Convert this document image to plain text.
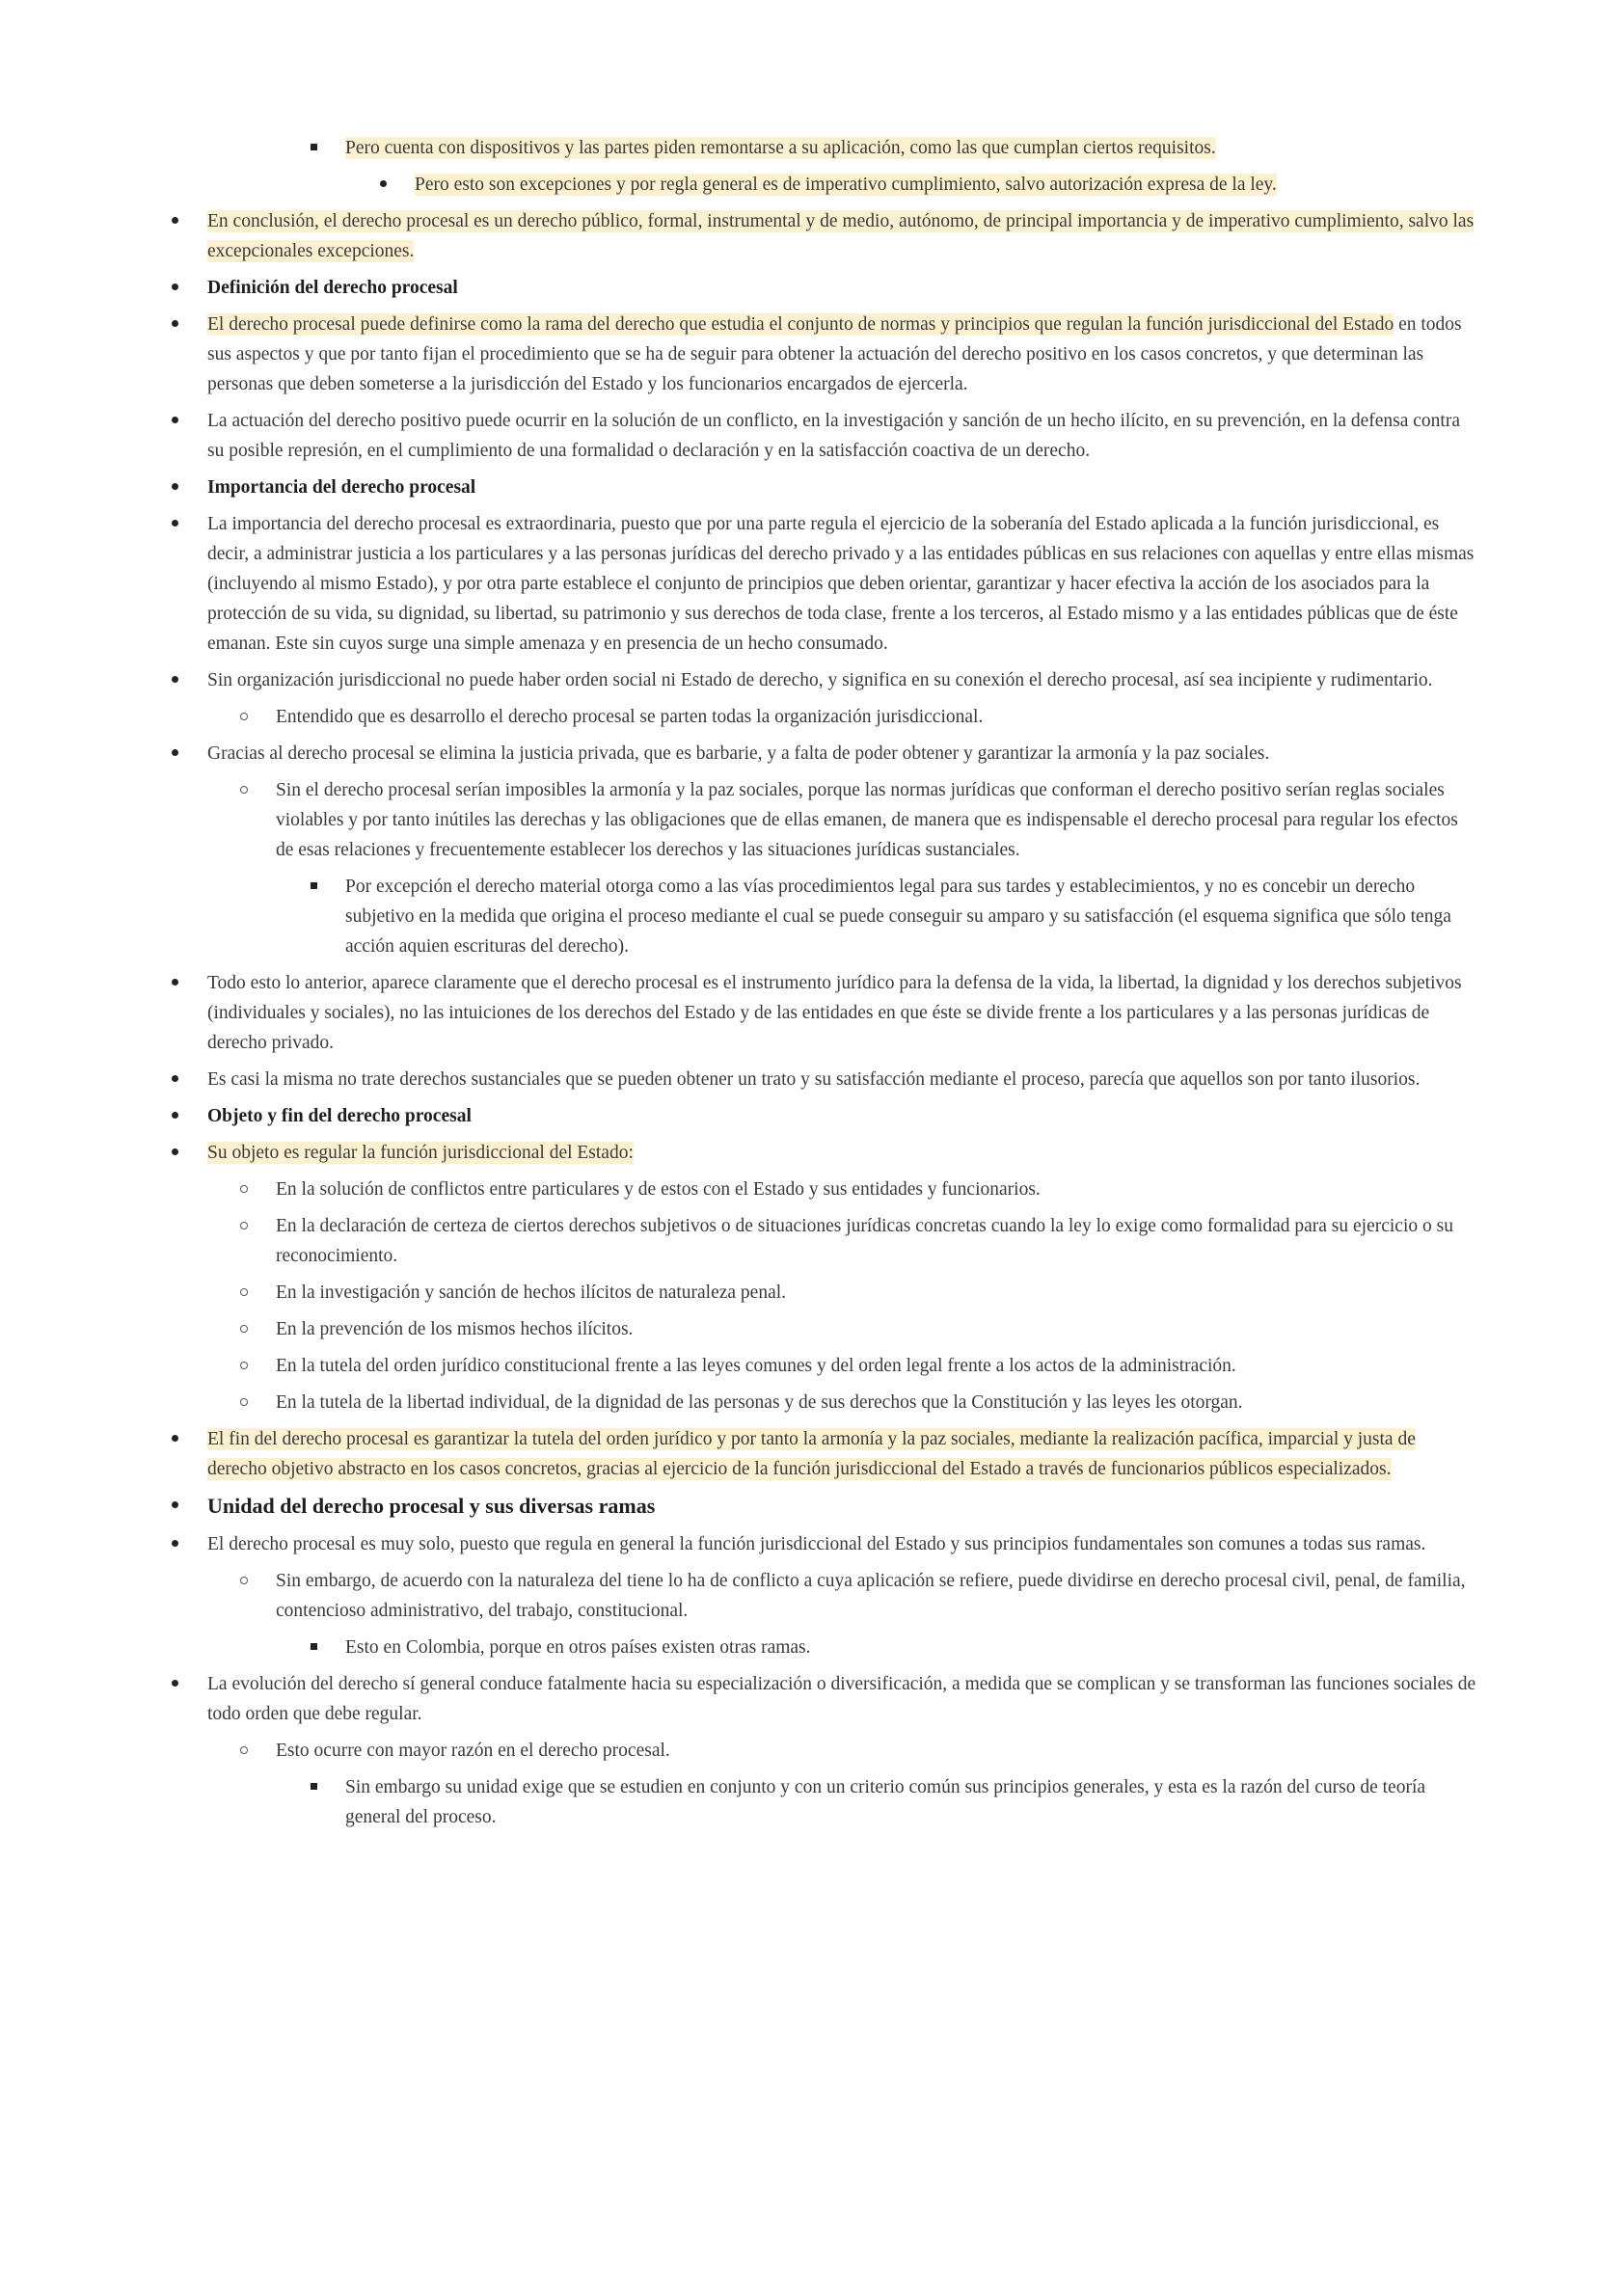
Pero cuenta con dispositivos y las partes piden remontarse a su aplicación, como las que cumplan ciertos requisitos.
Pero esto son excepciones y por regla general es de imperativo cumplimiento, salvo autorización expresa de la ley.
En conclusión, el derecho procesal es un derecho público, formal, instrumental y de medio, autónomo, de principal importancia y de imperativo cumplimiento, salvo las excepcionales excepciones.
Definición del derecho procesal
El derecho procesal puede definirse como la rama del derecho que estudia el conjunto de normas y principios que regulan la función jurisdiccional del Estado en todos sus aspectos y que por tanto fijan el procedimiento que se ha de seguir para obtener la actuación del derecho positivo en los casos concretos, y que determinan las personas que deben someterse a la jurisdicción del Estado y los funcionarios encargados de ejercerla.
La actuación del derecho positivo puede ocurrir en la solución de un conflicto, en la investigación y sanción de un hecho ilícito, en su prevención, en la defensa contra su posible represión, en el cumplimiento de una formalidad o declaración y en la satisfacción coactiva de un derecho.
Importancia del derecho procesal
La importancia del derecho procesal es extraordinaria, puesto que por una parte regula el ejercicio de la soberanía del Estado aplicada a la función jurisdiccional, es decir, a administrar justicia a los particulares y a las personas jurídicas del derecho privado y a las entidades públicas en sus relaciones con aquellas y entre ellas mismas (incluyendo al mismo Estado), y por otra parte establece el conjunto de principios que deben orientar, garantizar y hacer efectiva la acción de los asociados para la protección de su vida, su dignidad, su libertad, su patrimonio y sus derechos de toda clase, frente a los terceros, al Estado mismo y a las entidades públicas que de éste emanan. Este sin cuyos surge una simple amenaza y en presencia de un hecho consumado.
Sin organización jurisdiccional no puede haber orden social ni Estado de derecho, y significa en su conexión el derecho procesal, así sea incipiente y rudimentario.
Entendido que es desarrollo el derecho procesal se parten todas la organización jurisdiccional.
Gracias al derecho procesal se elimina la justicia privada, que es barbarie, y a falta de poder obtener y garantizar la armonía y la paz sociales.
Sin el derecho procesal serían imposibles la armonía y la paz sociales, porque las normas jurídicas que conforman el derecho positivo serían reglas sociales violables y por tanto inútiles las derechas y las obligaciones que de ellas emanen, de manera que es indispensable el derecho procesal para regular los efectos de esas relaciones y frecuentemente establecer los derechos y las situaciones jurídicas sustanciales.
Por excepción el derecho material otorga como a las vías procedimientos legal para sus tardes y establecimientos, y no es concebir un derecho subjetivo en la medida que origina el proceso mediante el cual se puede conseguir su amparo y su satisfacción (el esquema significa que sólo tenga acción aquien escrituras del derecho).
Todo esto lo anterior, aparece claramente que el derecho procesal es el instrumento jurídico para la defensa de la vida, la libertad, la dignidad y los derechos subjetivos (individuales y sociales), no las intuiciones de los derechos del Estado y de las entidades en que éste se divide frente a los particulares y a las personas jurídicas de derecho privado.
Es casi la misma no trate derechos sustanciales que se pueden obtener un trato y su satisfacción mediante el proceso, parecía que aquellos son por tanto ilusorios.
Objeto y fin del derecho procesal
Su objeto es regular la función jurisdiccional del Estado:
En la solución de conflictos entre particulares y de estos con el Estado y sus entidades y funcionarios.
En la declaración de certeza de ciertos derechos subjetivos o de situaciones jurídicas concretas cuando la ley lo exige como formalidad para su ejercicio o su reconocimiento.
En la investigación y sanción de hechos ilícitos de naturaleza penal.
En la prevención de los mismos hechos ilícitos.
En la tutela del orden jurídico constitucional frente a las leyes comunes y del orden legal frente a los actos de la administración.
En la tutela de la libertad individual, de la dignidad de las personas y de sus derechos que la Constitución y las leyes les otorgan.
El fin del derecho procesal es garantizar la tutela del orden jurídico y por tanto la armonía y la paz sociales, mediante la realización pacífica, imparcial y justa de derecho objetivo abstracto en los casos concretos, gracias al ejercicio de la función jurisdiccional del Estado a través de funcionarios públicos especializados.
Unidad del derecho procesal y sus diversas ramas
El derecho procesal es muy solo, puesto que regula en general la función jurisdiccional del Estado y sus principios fundamentales son comunes a todas sus ramas.
Sin embargo, de acuerdo con la naturaleza del tiene lo ha de conflicto a cuya aplicación se refiere, puede dividirse en derecho procesal civil, penal, de familia, contencioso administrativo, del trabajo, constitucional.
Esto en Colombia, porque en otros países existen otras ramas.
La evolución del derecho sí general conduce fatalmente hacia su especialización o diversificación, a medida que se complican y se transforman las funciones sociales de todo orden que debe regular.
Esto ocurre con mayor razón en el derecho procesal.
Sin embargo su unidad exige que se estudien en conjunto y con un criterio común sus principios generales, y esta es la razón del curso de teoría general del proceso.
